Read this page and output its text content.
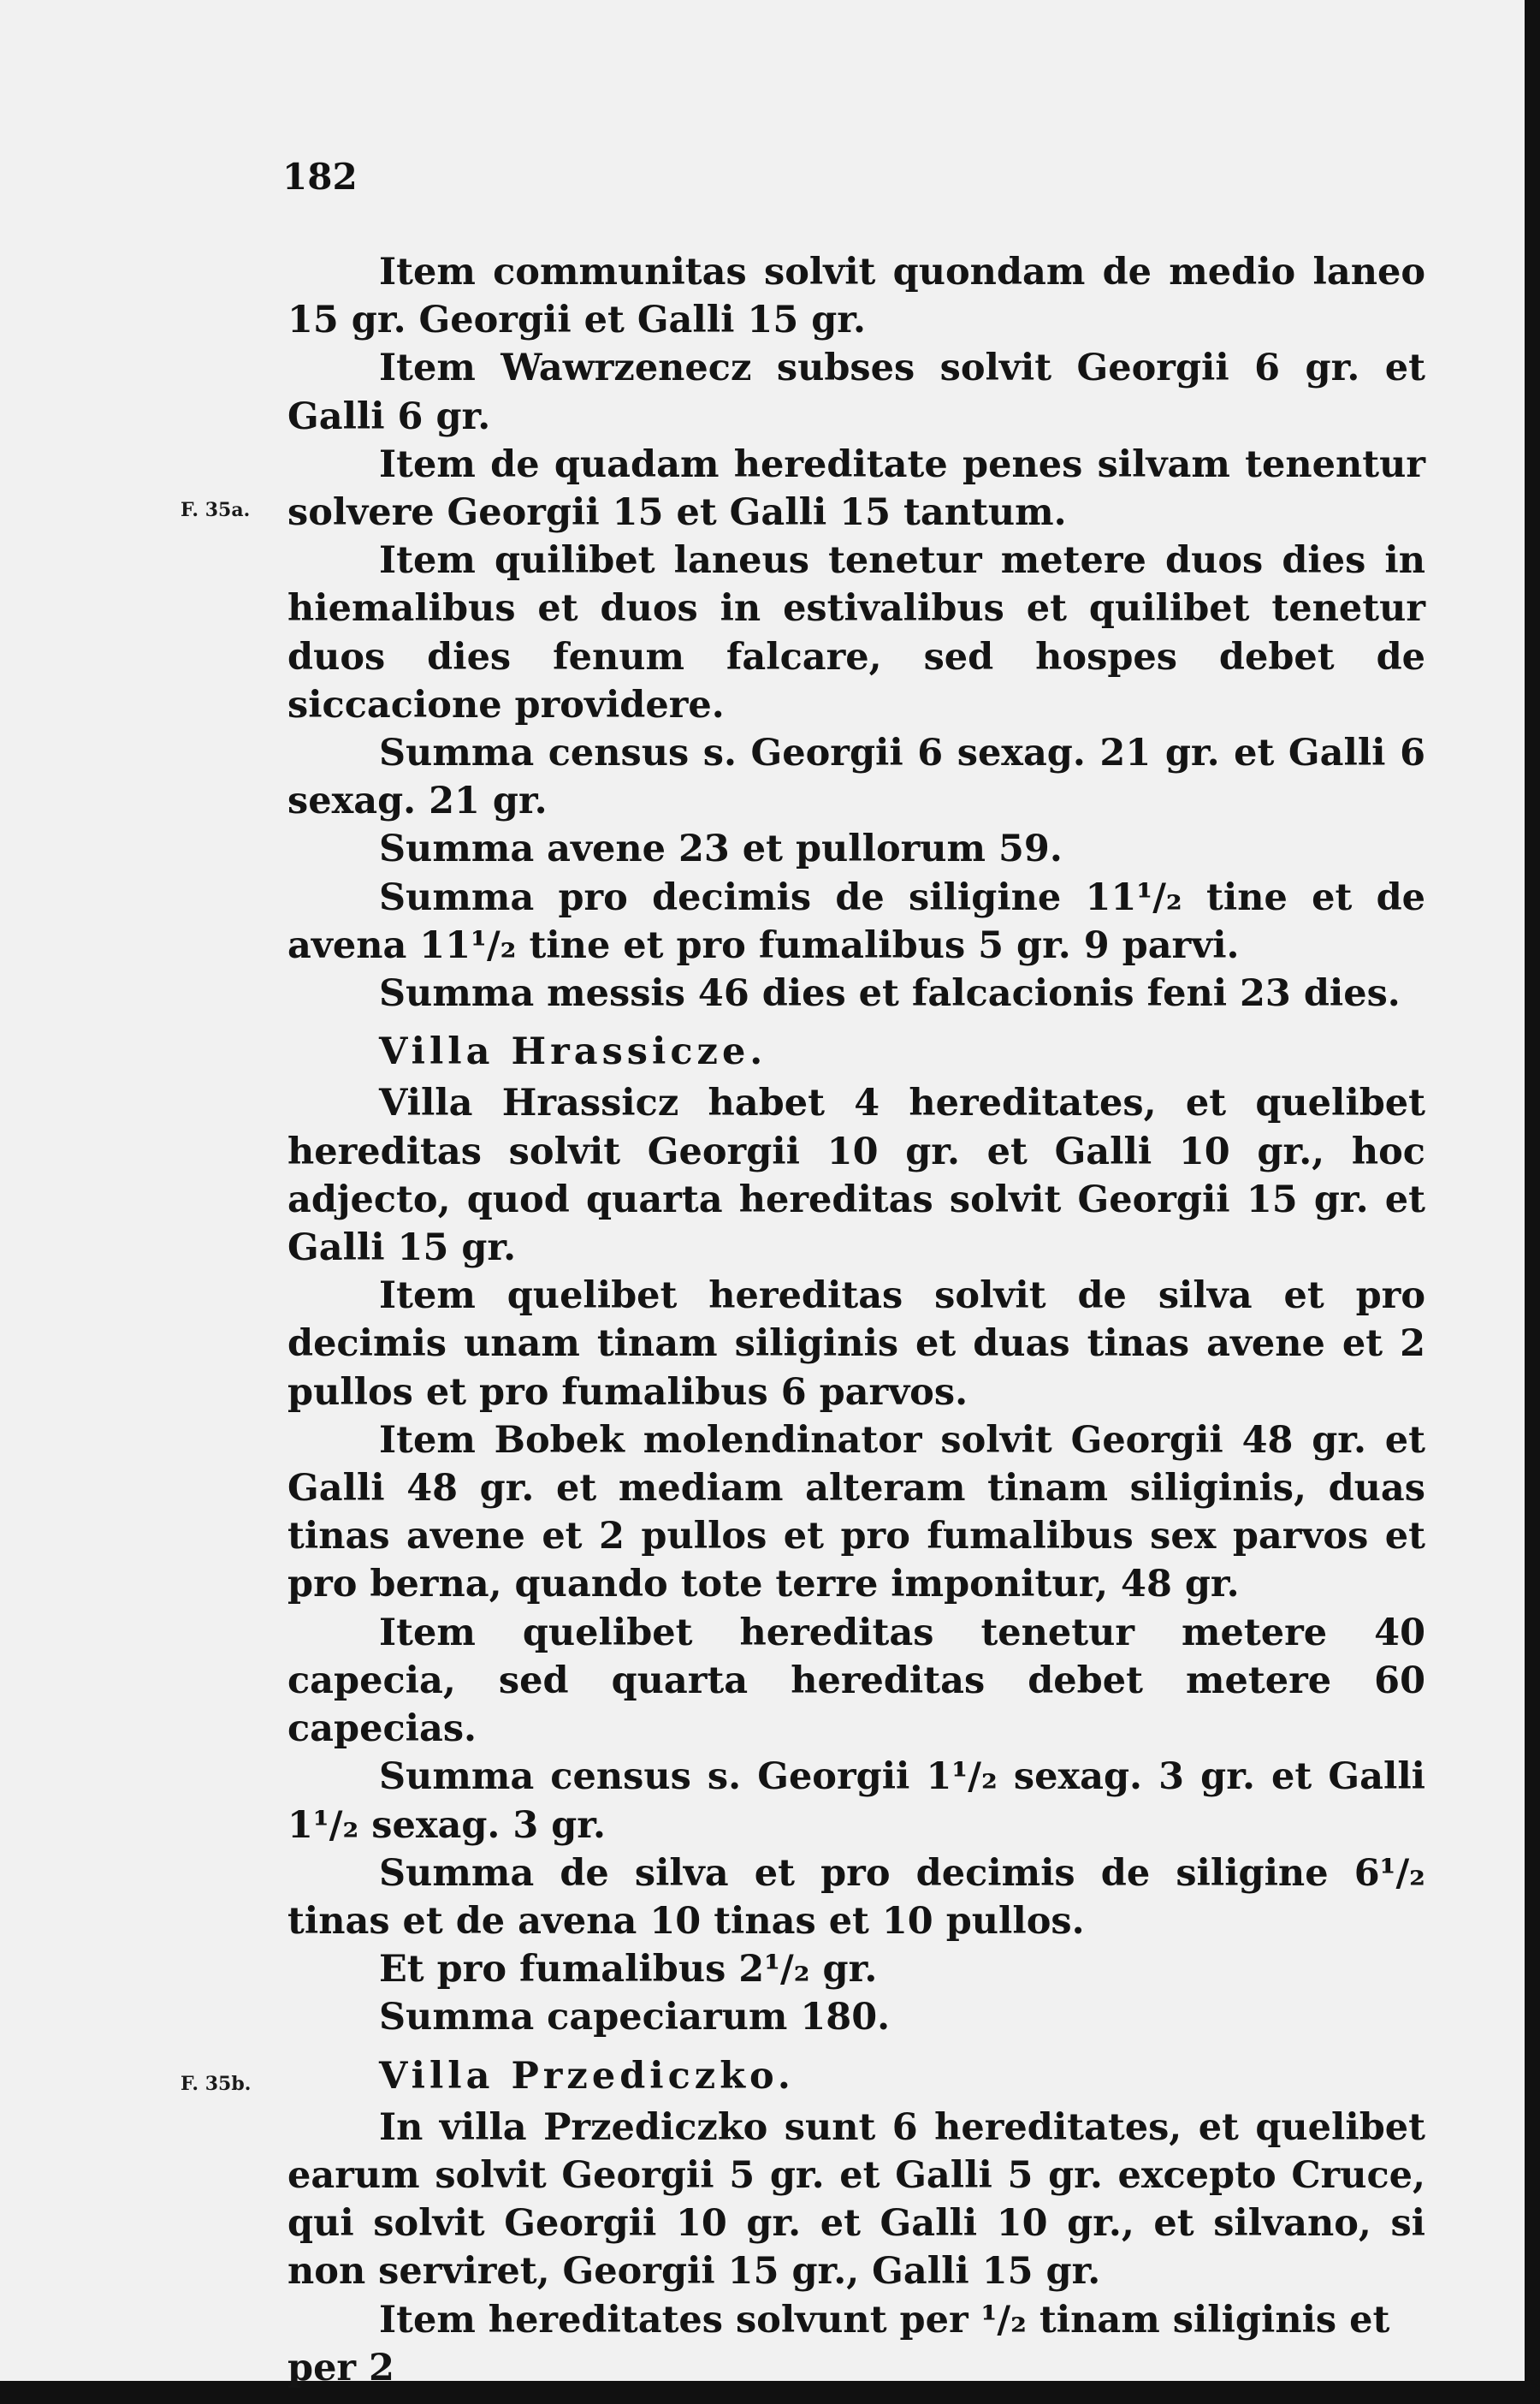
182

Item communitas solvit quondam de medio laneo 15 gr. Georgii et Galli 15 gr.

Item Wawrzenecz subses solvit Georgii 6 gr. et Galli 6 gr.

F. 35a.

Item de quadam hereditate penes silvam tenentur solvere Georgii 15 et Galli 15 tantum.

Item quilibet laneus tenetur metere duos dies in hiemalibus et duos in estivalibus et quilibet tenetur duos dies fenum falcare, sed hospes debet de siccacione providere.

Summa census s. Georgii 6 sexag. 21 gr. et Galli 6 sexag. 21 gr.

Summa avene 23 et pullorum 59.

Summa pro decimis de siligine 11¹/₂ tine et de avena 11¹/₂ tine et pro fumalibus 5 gr. 9 parvi.

Summa messis 46 dies et falcacionis feni 23 dies.

Villa Hrassicze.

Villa Hrassicz habet 4 hereditates, et quelibet hereditas solvit Georgii 10 gr. et Galli 10 gr., hoc adjecto, quod quarta hereditas solvit Georgii 15 gr. et Galli 15 gr.

Item quelibet hereditas solvit de silva et pro decimis unam tinam siliginis et duas tinas avene et 2 pullos et pro fumalibus 6 parvos.

Item Bobek molendinator solvit Georgii 48 gr. et Galli 48 gr. et mediam alteram tinam siliginis, duas tinas avene et 2 pullos et pro fumalibus sex parvos et pro berna, quando tote terre imponitur, 48 gr.

Item quelibet hereditas tenetur metere 40 capecia, sed quarta hereditas debet metere 60 capecias.

Summa census s. Georgii 1¹/₂ sexag. 3 gr. et Galli 1¹/₂ sexag. 3 gr.

Summa de silva et pro decimis de siligine 6¹/₂ tinas et de avena 10 tinas et 10 pullos.

Et pro fumalibus 2¹/₂ gr.

Summa capeciarum 180.

F. 35b.	Villa Przediczko.

In villa Przediczko sunt 6 hereditates, et quelibet earum solvit Georgii 5 gr. et Galli 5 gr. excepto Cruce, qui solvit Georgii 10 gr. et Galli 10 gr., et silvano, si non serviret, Georgii 15 gr., Galli 15 gr.

Item hereditates solvunt per ¹/₂ tinam siliginis et per 2
